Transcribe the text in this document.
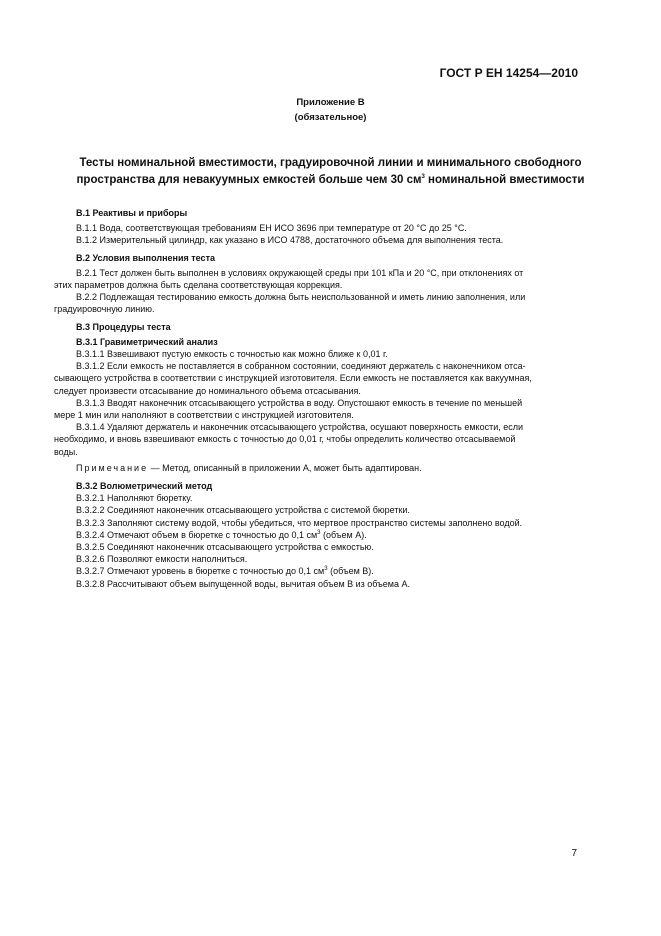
ГОСТ Р ЕН 14254—2010
Приложение В
(обязательное)
Тесты номинальной вместимости, градуировочной линии и минимального свободного пространства для невакуумных емкостей больше чем 30 $см^3$ номинальной вместимости

В.1 Реактивы и приборы

В.1.1 Вода, соответствующая требованиям ЕН ИСО 3696 при температуре от 20 °С до 25 °С.

В.1.2 Измерительный цилиндр, как указано в ИСО 4788, достаточного объема для выполнения теста.

В.2 Условия выполнения теста

В.2.1 Тест должен быть выполнен в условиях окружающей среды при 101 кПа и 20 °С, при отклонениях от

этих параметров должна быть сделана соответствующая коррекция.

В.2.2 Подлежащая тестированию емкость должна быть неиспользованной и иметь линию заполнения, или

градуировочную линию.

В.3 Процедуры теста

В.3.1 Гравиметрический анализ

В.3.1.1 Взвешивают пустую емкость с точностью как можно ближе к 0,01 г.

В.3.1.2 Если емкость не поставляется в собранном состоянии, соединяют держатель с наконечником отса-

сывающего устройства в соответствии с инструкцией изготовителя. Если емкость не поставляется как вакуумная,

следует произвести отсасывание до номинального объема отсасывания.

В.3.1.3 Вводят наконечник отсасывающего устройства в воду. Опустошают емкость в течение по меньшей

мере 1 мин или наполняют в соответствии с инструкцией изготовителя.

В.3.1.4 Удаляют держатель и наконечник отсасывающего устройства, осушают поверхность емкости, если

необходимо, и вновь взвешивают емкость с точностью до 0,01 г, чтобы определить количество отсасываемой

воды.

Примечание — Метод, описанный в приложении А, может быть адаптирован.

В.3.2 Волюметрический метод

В.3.2.1 Наполняют бюретку.

В.3.2.2 Соединяют наконечник отсасывающего устройства с системой бюретки.

В.3.2.3 Заполняют систему водой, чтобы убедиться, что мертвое пространство системы заполнено водой.

В.3.2.4 Отмечают объем в бюретке с точностью до 0,1 $см^3$ (объем А).

В.3.2.5 Соединяют наконечник отсасывающего устройства с емкостью.

В.3.2.6 Позволяют емкости наполниться.

В.3.2.7 Отмечают уровень в бюретке с точностью до 0,1 $см^3$ (объем В).

В.3.2.8 Рассчитывают объем выпущенной воды, вычитая объем В из объема А.

7
